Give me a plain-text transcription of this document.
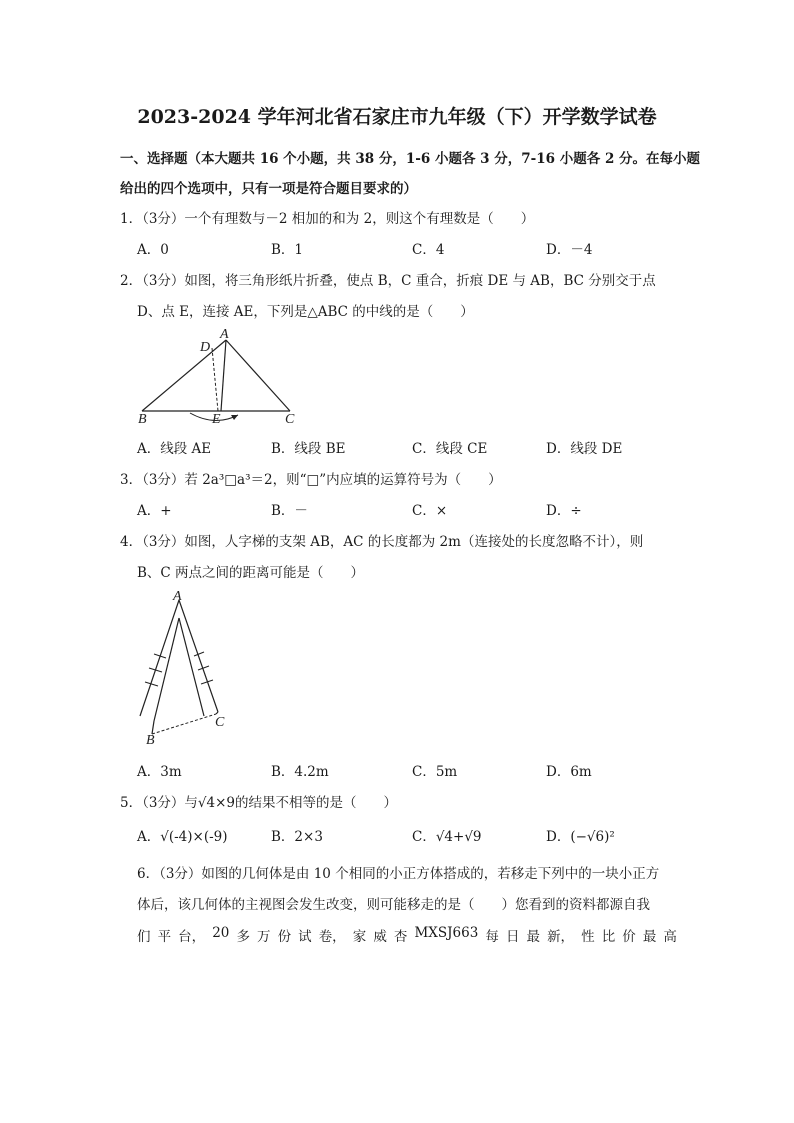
2023-2024 学年河北省石家庄市九年级（下）开学数学试卷
一、选择题（本大题共 16 个小题，共 38 分，1-6 小题各 3 分，7-16 小题各 2 分。在每小题
给出的四个选项中，只有一项是符合题目要求的）
1．（3分）一个有理数与－2 相加的和为 2，则这个有理数是（　　）
A．0	B．1	C．4	D．－4
2．（3分）如图，将三角形纸片折叠，使点 B，C 重合，折痕 DE 与 AB，BC 分别交于点
D、点 E，连接 AE，下列是△ABC 的中线的是（　　）
A
D
B	E	C
A．线段 AE	B．线段 BE	C．线段 CE	D．线段 DE
3．（3分）若 2a³□a³＝2，则“□”内应填的运算符号为（　　）
A．+	B．－	C．×	D．÷
4．（3分）如图，人字梯的支架 AB，AC 的长度都为 2m（连接处的长度忽略不计），则
B、C 两点之间的距离可能是（　　）
A
C
B
A．3m	B．4.2m	C．5m	D．6m
5．（3分）与√4×9的结果不相等的是（　　）
A．√(-4)×(-9)	B．2×3	C．√4+√9	D．(−√6)²
6．（3分）如图的几何体是由 10 个相同的小正方体搭成的，若移走下列中的一块小正方
体后，该几何体的主视图会发生改变，则可能移走的是（　　）您看到的资料都源自我
们 平 台， 20 多 万 份 试 卷， 家 威 杏 MXSJ663 每 日 最 新， 性 比 价 最 高
